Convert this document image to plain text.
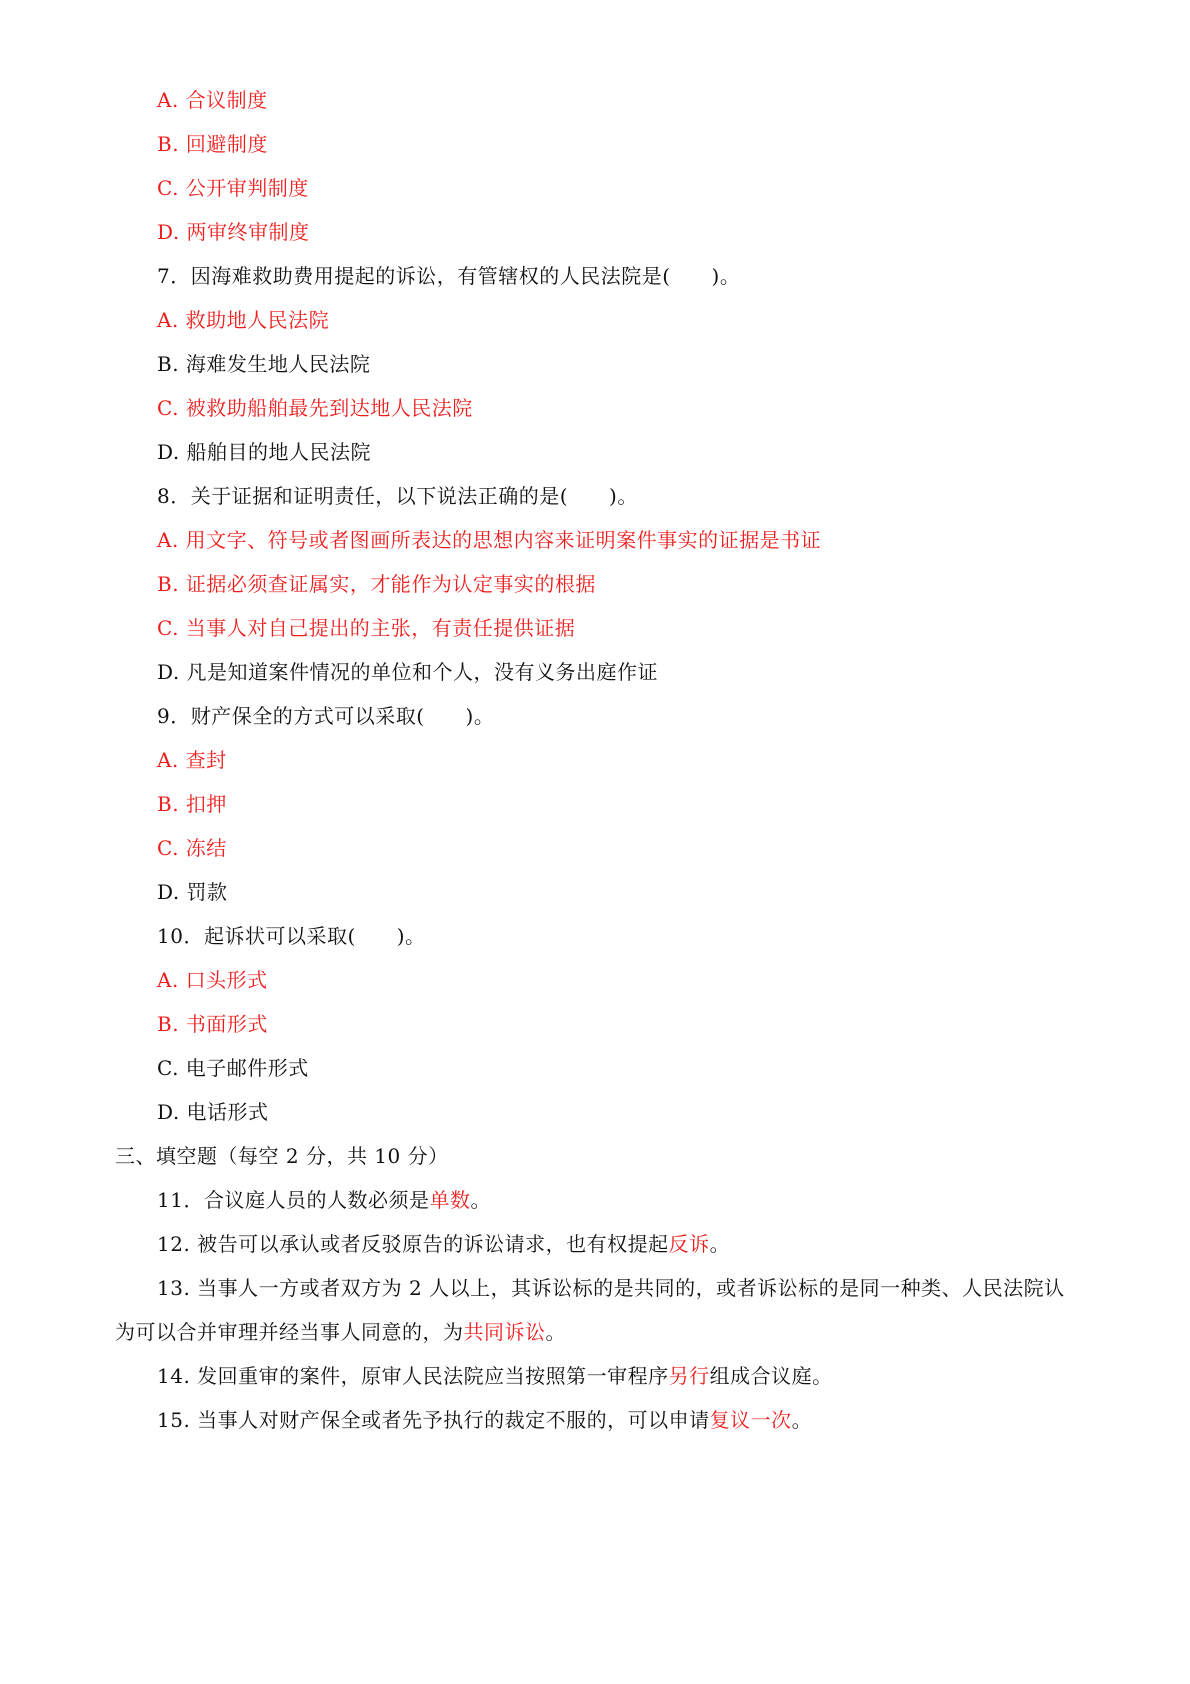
A. 合议制度
B. 回避制度
C. 公开审判制度
D. 两审终审制度
7．因海难救助费用提起的诉讼，有管辖权的人民法院是(　　)。
A. 救助地人民法院
B. 海难发生地人民法院
C. 被救助船舶最先到达地人民法院
D. 船舶目的地人民法院
8．关于证据和证明责任，以下说法正确的是(　　)。
A. 用文字、符号或者图画所表达的思想内容来证明案件事实的证据是书证
B. 证据必须查证属实，才能作为认定事实的根据
C. 当事人对自己提出的主张，有责任提供证据
D. 凡是知道案件情况的单位和个人，没有义务出庭作证
9．财产保全的方式可以采取(　　)。
A. 查封
B. 扣押
C. 冻结
D. 罚款
10．起诉状可以采取(　　)。
A. 口头形式
B. 书面形式
C. 电子邮件形式
D. 电话形式
三、填空题（每空 2 分，共 10 分）
11．合议庭人员的人数必须是单数。
12. 被告可以承认或者反驳原告的诉讼请求，也有权提起反诉。
13. 当事人一方或者双方为 2 人以上，其诉讼标的是共同的，或者诉讼标的是同一种类、人民法院认
为可以合并审理并经当事人同意的，为共同诉讼。
14. 发回重审的案件，原审人民法院应当按照第一审程序另行组成合议庭。
15. 当事人对财产保全或者先予执行的裁定不服的，可以申请复议一次。
